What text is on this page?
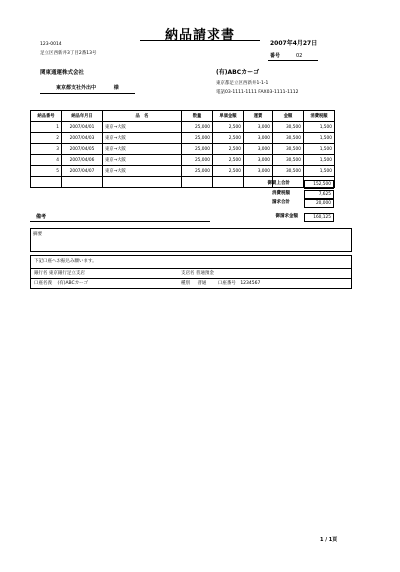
納品請求書
2007年4月27日
番号	02
123-0014
足立区西新井3丁目2番13号
関東通運株式会社
東京都支社外出中	様
(有)ABCカーゴ
東京都足立区西新井1-1-1
電話03-1111-1111 FAX03-1111-1112
納品番号	納品年月日	品　名	数量	単価金額	運賃	金額	消費税額
1	2007/04/01	東京→大阪	25,000	2,500	3,000	30,500	1,500
2	2007/04/03	東京→大阪	25,000	2,500	3,000	30,500	1,500
3	2007/04/05	東京→大阪	25,000	2,500	3,000	30,500	1,500
4	2007/04/06	東京→大阪	25,000	2,500	3,000	30,500	1,500
5	2007/04/07	東京→大阪	25,000	2,500	3,000	30,500	1,500

御買上合計	152,500
消費税額	7,625
請求合計	20,000
備考	御請求金額	160,125
摘要
下記口座へお振込み願います。
銀行名 東京銀行足立支店	支店名 普通預金
口座名義 (有)ABCカーゴ	種別 普通	口座番号 1234567
1 / 1頁
